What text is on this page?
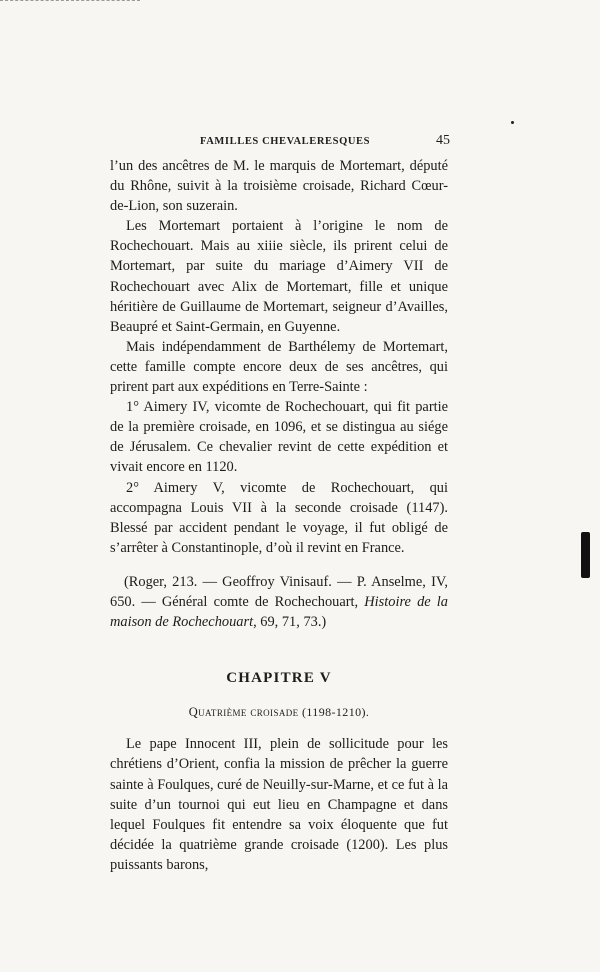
FAMILLES CHEVALERESQUES	45

l’un des ancêtres de M. le marquis de Mortemart, député du Rhône, suivit à la troisième croisade, Richard Cœur-de-Lion, son suzerain.

Les Mortemart portaient à l’origine le nom de Rochechouart. Mais au xiiie siècle, ils prirent celui de Mortemart, par suite du mariage d’Aimery VII de Rochechouart avec Alix de Mortemart, fille et unique héritière de Guillaume de Mortemart, seigneur d’Availles, Beaupré et Saint-Germain, en Guyenne.

Mais indépendamment de Barthélemy de Mortemart, cette famille compte encore deux de ses ancêtres, qui prirent part aux expéditions en Terre-Sainte :

1° Aimery IV, vicomte de Rochechouart, qui fit partie de la première croisade, en 1096, et se distingua au siége de Jérusalem. Ce chevalier revint de cette expédition et vivait encore en 1120.

2° Aimery V, vicomte de Rochechouart, qui accompagna Louis VII à la seconde croisade (1147). Blessé par accident pendant le voyage, il fut obligé de s’arrêter à Constantinople, d’où il revint en France.

(Roger, 213. — Geoffroy Vinisauf. — P. Anselme, IV, 650. — Général comte de Rochechouart, Histoire de la maison de Rochechouart, 69, 71, 73.)

CHAPITRE V
Quatrième croisade (1198-1210).

Le pape Innocent III, plein de sollicitude pour les chrétiens d’Orient, confia la mission de prêcher la guerre sainte à Foulques, curé de Neuilly-sur-Marne, et ce fut à la suite d’un tournoi qui eut lieu en Champagne et dans lequel Foulques fit entendre sa voix éloquente que fut décidée la quatrième grande croisade (1200). Les plus puissants barons,
